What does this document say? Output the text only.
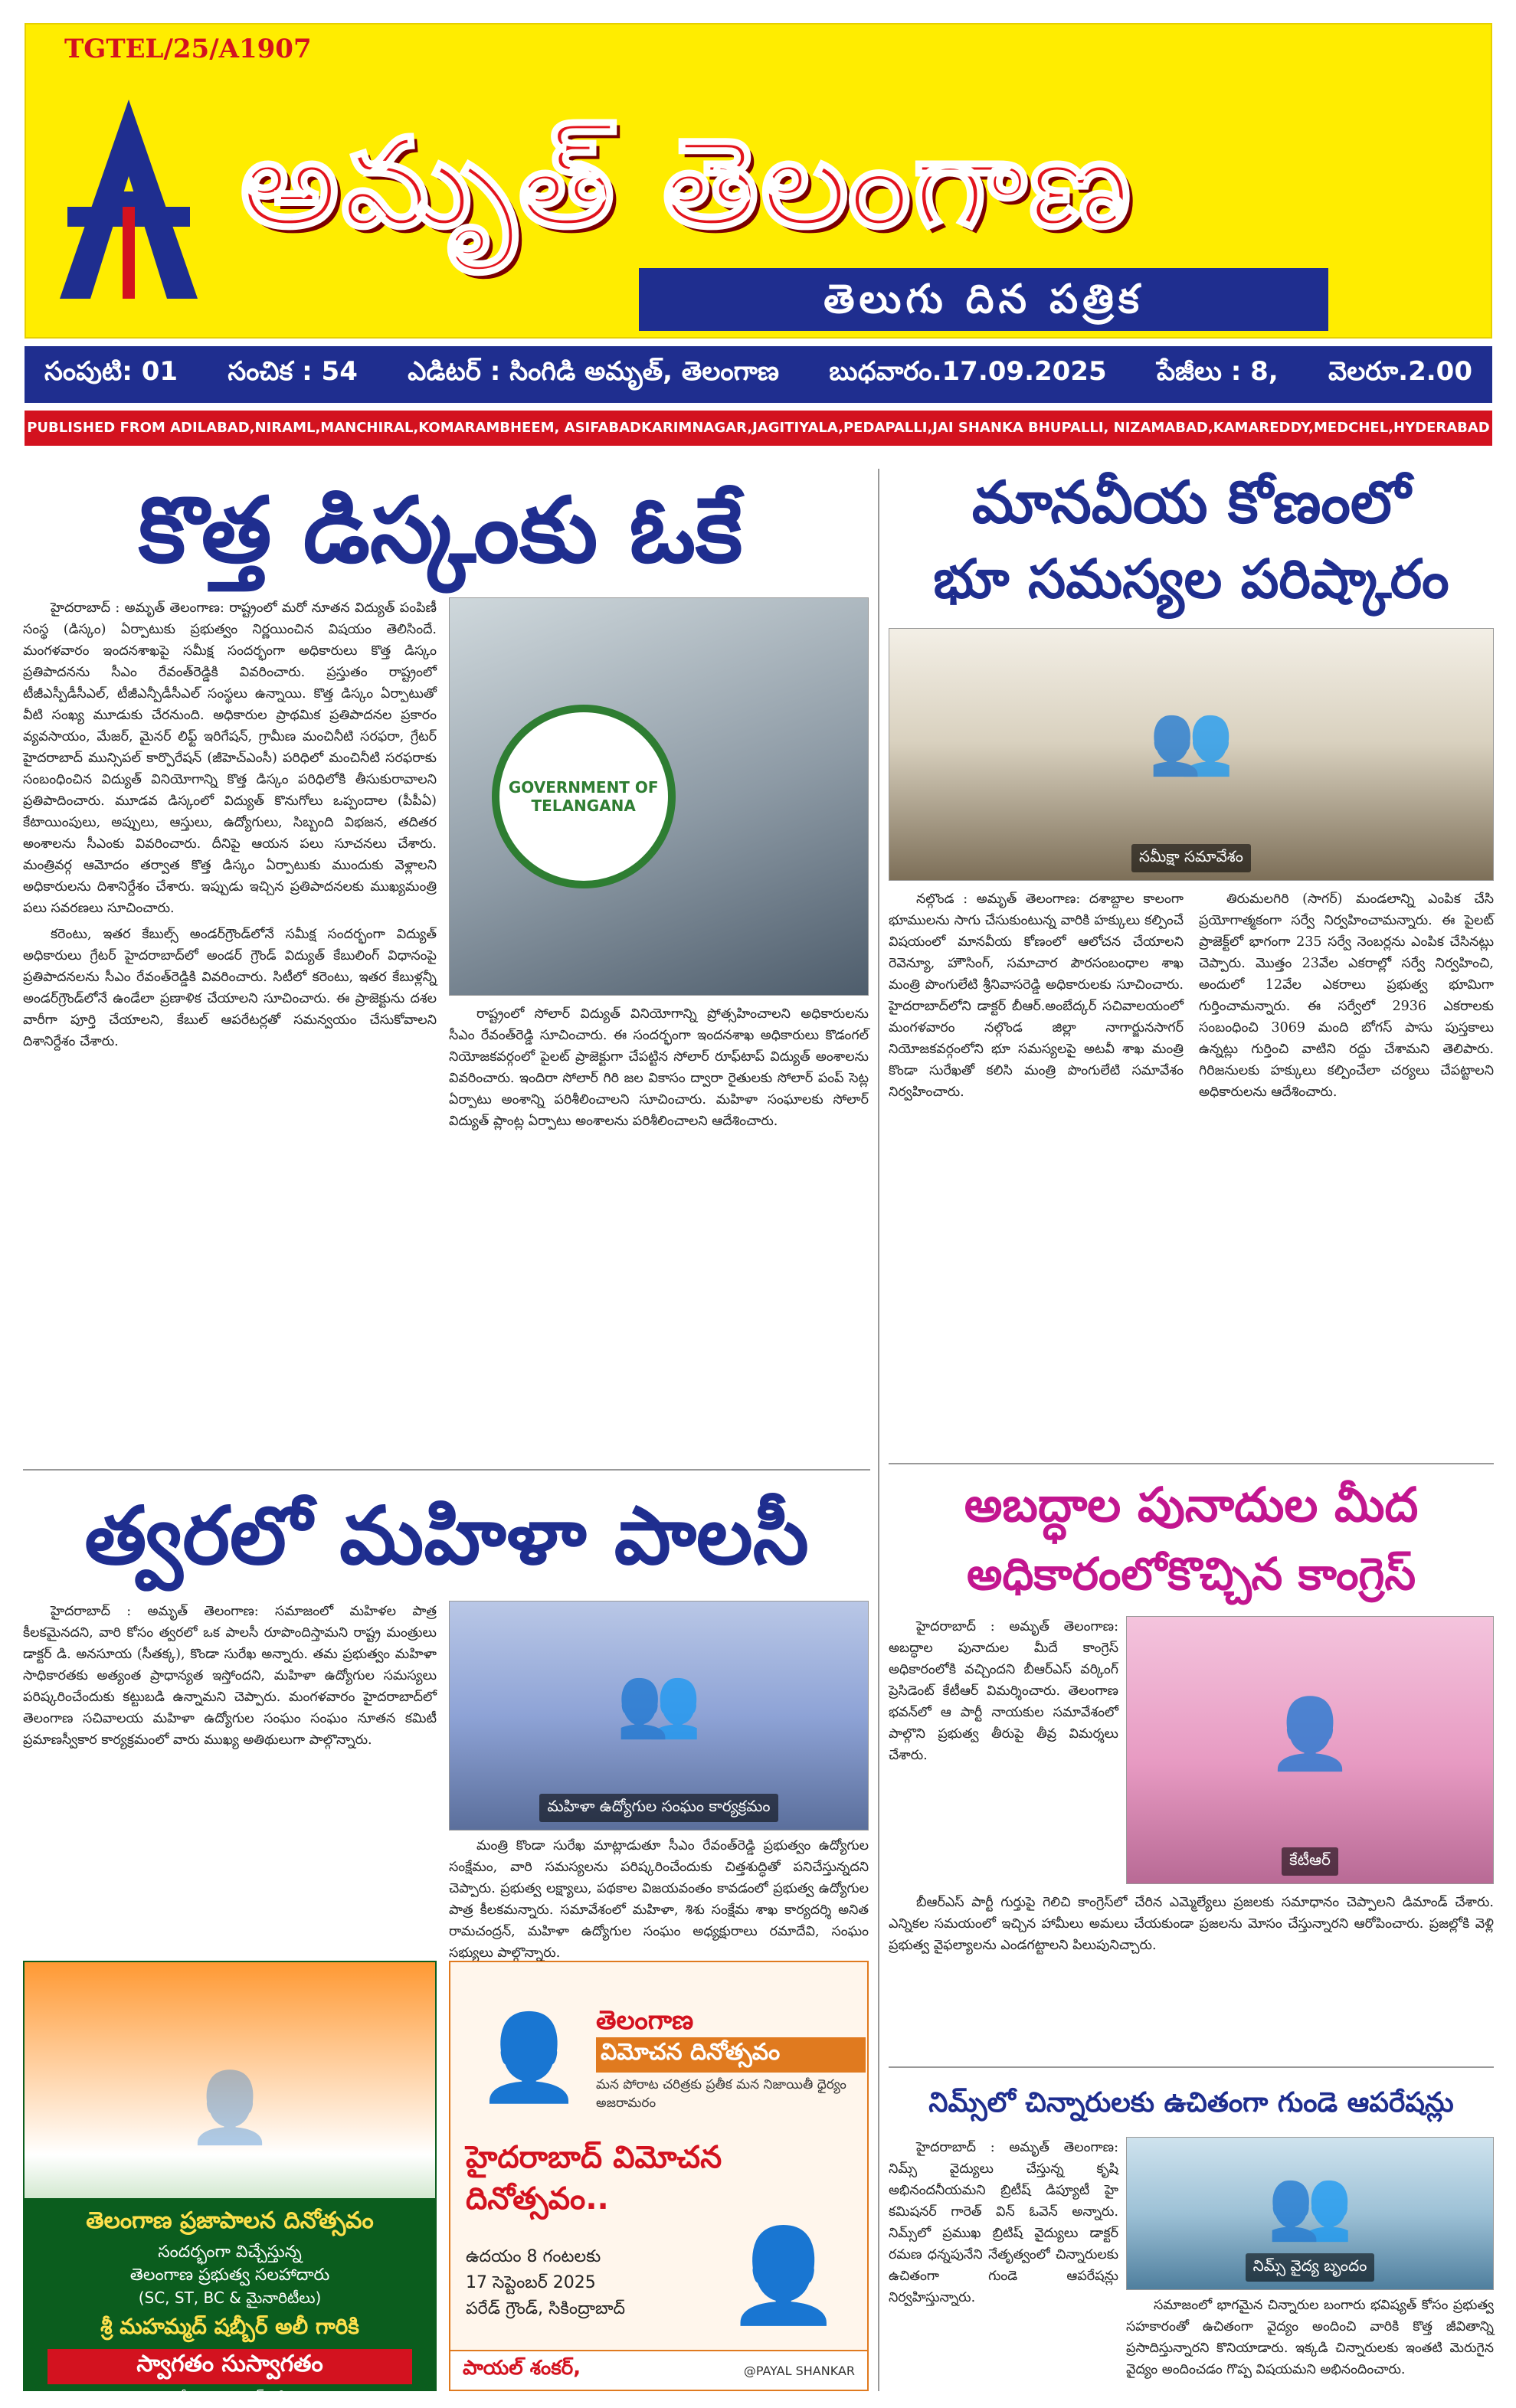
TGTEL/25/A1907
అమృత్ తెలంగాణ
తెలుగు దిన పత్రిక
సంపుటి: 01 సంచిక : 54 ఎడిటర్ : సింగిడి అమృత్, తెలంగాణ బుధవారం.17.09.2025 పేజీలు : 8, వెలరూ.2.00
PUBLISHED FROM ADILABAD,NIRAML,MANCHIRAL,KOMARAMBHEEM, ASIFABADKARIMNAGAR,JAGITIYALA,PEDAPALLI,JAI SHANKA BHUPALLI, NIZAMABAD,KAMAREDDY,MEDCHEL,HYDERABAD
కొత్త డిస్కంకు ఓకే

హైదరాబాద్ : అమృత్ తెలంగాణ: రాష్ట్రంలో మరో నూతన విద్యుత్ పంపిణీ సంస్థ (డిస్కం) ఏర్పాటుకు ప్రభుత్వం నిర్ణయించిన విషయం తెలిసిందే. మంగళవారం ఇందనశాఖపై సమీక్ష సందర్భంగా అధికారులు కొత్త డిస్కం ప్రతిపాదనను సీఎం రేవంత్‌రెడ్డికి వివరించారు. ప్రస్తుతం రాష్ట్రంలో టీజీఎస్పీడీసీఎల్, టీజీఎన్పీడీసీఎల్ సంస్థలు ఉన్నాయి. కొత్త డిస్కం ఏర్పాటుతో వీటి సంఖ్య మూడుకు చేరనుంది. అధికారుల ప్రాథమిక ప్రతిపాదనల ప్రకారం వ్యవసాయం, మేజర్, మైనర్ లిఫ్ట్ ఇరిగేషన్, గ్రామీణ మంచినీటి సరఫరా, గ్రేటర్ హైదరాబాద్ మున్సిపల్ కార్పొరేషన్ (జీహెచ్ఎంసీ) పరిధిలో మంచినీటి సరఫరాకు సంబంధించిన విద్యుత్ వినియోగాన్ని కొత్త డిస్కం పరిధిలోకి తీసుకురావాలని ప్రతిపాదించారు. మూడవ డిస్కంలో విద్యుత్ కొనుగోలు ఒప్పందాల (పీపీఏ) కేటాయింపులు, అప్పులు, ఆస్తులు, ఉద్యోగులు, సిబ్బంది విభజన, తదితర అంశాలను సీఎంకు వివరించారు. దీనిపై ఆయన పలు సూచనలు చేశారు. మంత్రివర్గ ఆమోదం తర్వాత కొత్త డిస్కం ఏర్పాటుకు ముందుకు వెళ్లాలని అధికారులను దిశానిర్దేశం చేశారు. ఇప్పుడు ఇచ్చిన ప్రతిపాదనలకు ముఖ్యమంత్రి పలు సవరణలు సూచించారు.

కరెంటు, ఇతర కేబుల్స్ అండర్‌గ్రౌండ్‌లోనే సమీక్ష సందర్భంగా విద్యుత్ అధికారులు గ్రేటర్ హైదరాబాద్‌లో అండర్ గ్రౌండ్ విద్యుత్ కేబులింగ్ విధానంపై ప్రతిపాదనలను సీఎం రేవంత్‌రెడ్డికి వివరించారు. సిటీలో కరెంటు, ఇతర కేబుళ్లన్నీ అండర్‌గ్రౌండ్‌లోనే ఉండేలా ప్రణాళిక చేయాలని సూచించారు. ఈ ప్రాజెక్టును దశల వారీగా పూర్తి చేయాలని, కేబుల్ ఆపరేటర్లతో సమన్వయం చేసుకోవాలని దిశానిర్దేశం చేశారు.

GOVERNMENT OF TELANGANA

రాష్ట్రంలో సోలార్ విద్యుత్ వినియోగాన్ని ప్రోత్సహించాలని అధికారులను సీఎం రేవంత్‌రెడ్డి సూచించారు. ఈ సందర్భంగా ఇందనశాఖ అధికారులు కొడంగల్ నియోజకవర్గంలో పైలట్ ప్రాజెక్టుగా చేపట్టిన సోలార్ రూఫ్‌టాప్ విద్యుత్ అంశాలను వివరించారు. ఇందిరా సోలార్ గిరి జల వికాసం ద్వారా రైతులకు సోలార్ పంప్ సెట్ల ఏర్పాటు అంశాన్ని పరిశీలించాలని సూచించారు. మహిళా సంఘాలకు సోలార్ విద్యుత్ ప్లాంట్ల ఏర్పాటు అంశాలను పరిశీలించాలని ఆదేశించారు.

మానవీయ కోణంలో
భూ సమస్యల పరిష్కారం
👥
సమీక్షా సమావేశం

నల్గొండ : అమృత్ తెలంగాణ: దశాబ్దాల కాలంగా భూములను సాగు చేసుకుంటున్న వారికి హక్కులు కల్పించే విషయంలో మానవీయ కోణంలో ఆలోచన చేయాలని రెవెన్యూ, హౌసింగ్, సమాచార పౌరసంబంధాల శాఖ మంత్రి పొంగులేటి శ్రీనివాసరెడ్డి అధికారులకు సూచించారు. హైదరాబాద్‌లోని డాక్టర్ బీఆర్.అంబేద్కర్ సచివాలయంలో మంగళవారం నల్గొండ జిల్లా నాగార్జునసాగర్ నియోజకవర్గంలోని భూ సమస్యలపై అటవీ శాఖ మంత్రి కొండా సురేఖతో కలిసి మంత్రి పొంగులేటి సమావేశం నిర్వహించారు.

తిరుమలగిరి (సాగర్) మండలాన్ని ఎంపిక చేసి ప్రయోగాత్మకంగా సర్వే నిర్వహించామన్నారు. ఈ పైలట్ ప్రాజెక్ట్‌లో భాగంగా 235 సర్వే నెంబర్లను ఎంపిక చేసినట్లు చెప్పారు. మొత్తం 23వేల ఎకరాల్లో సర్వే నిర్వహించి, అందులో 12వేల ఎకరాలు ప్రభుత్వ భూమిగా గుర్తించామన్నారు. ఈ సర్వేలో 2936 ఎకరాలకు సంబంధించి 3069 మంది బోగస్ పాసు పుస్తకాలు ఉన్నట్లు గుర్తించి వాటిని రద్దు చేశామని తెలిపారు. గిరిజనులకు హక్కులు కల్పించేలా చర్యలు చేపట్టాలని అధికారులను ఆదేశించారు.

త్వరలో మహిళా పాలసీ

హైదరాబాద్ : అమృత్ తెలంగాణ: సమాజంలో మహిళల పాత్ర కీలకమైనదని, వారి కోసం త్వరలో ఒక పాలసీ రూపొందిస్తామని రాష్ట్ర మంత్రులు డాక్టర్ డి. అనసూయ (సీతక్క), కొండా సురేఖ అన్నారు. తమ ప్రభుత్వం మహిళా సాధికారతకు అత్యంత ప్రాధాన్యత ఇస్తోందని, మహిళా ఉద్యోగుల సమస్యలు పరిష్కరించేందుకు కట్టుబడి ఉన్నామని చెప్పారు. మంగళవారం హైదరాబాద్‌లో తెలంగాణ సచివాలయ మహిళా ఉద్యోగుల సంఘం సంఘం నూతన కమిటీ ప్రమాణస్వీకార కార్యక్రమంలో వారు ముఖ్య అతిథులుగా పాల్గొన్నారు.	👥
మహిళా ఉద్యోగుల సంఘం కార్యక్రమం

మంత్రి కొండా సురేఖ మాట్లాడుతూ సీఎం రేవంత్‌రెడ్డి ప్రభుత్వం ఉద్యోగుల సంక్షేమం, వారి సమస్యలను పరిష్కరించేందుకు చిత్తశుద్ధితో పనిచేస్తున్నదని చెప్పారు. ప్రభుత్వ లక్ష్యాలు, పథకాల విజయవంతం కావడంలో ప్రభుత్వ ఉద్యోగుల పాత్ర కీలకమన్నారు. సమావేశంలో మహిళా, శిశు సంక్షేమ శాఖ కార్యదర్శి అనిత రామచంద్రన్, మహిళా ఉద్యోగుల సంఘం అధ్యక్షురాలు రమాదేవి, సంఘం సభ్యులు పాల్గొన్నారు.

అబద్ధాల పునాదుల మీద
అధికారంలోకొచ్చిన కాంగ్రెస్

హైదరాబాద్ : అమృత్ తెలంగాణ: అబద్ధాల పునాదుల మీదే కాంగ్రెస్ అధికారంలోకి వచ్చిందని బీఆర్ఎస్ వర్కింగ్ ప్రెసిడెంట్ కేటీఆర్ విమర్శించారు. తెలంగాణ భవన్‌లో ఆ పార్టీ నాయకుల సమావేశంలో పాల్గొని ప్రభుత్వ తీరుపై తీవ్ర విమర్శలు చేశారు.	👤
కేటీఆర్

బీఆర్ఎస్ పార్టీ గుర్తుపై గెలిచి కాంగ్రెస్‌లో చేరిన ఎమ్మెల్యేలు ప్రజలకు సమాధానం చెప్పాలని డిమాండ్ చేశారు. ఎన్నికల సమయంలో ఇచ్చిన హామీలు అమలు చేయకుండా ప్రజలను మోసం చేస్తున్నారని ఆరోపించారు. ప్రజల్లోకి వెళ్లి ప్రభుత్వ వైఫల్యాలను ఎండగట్టాలని పిలుపునిచ్చారు.

నిమ్స్‌లో చిన్నారులకు ఉచితంగా గుండె ఆపరేషన్లు

హైదరాబాద్ : అమృత్ తెలంగాణ: నిమ్స్ వైద్యులు చేస్తున్న కృషి అభినందనీయమని బ్రిటీష్ డిప్యూటీ హై కమిషనర్ గారెత్ విన్ ఓవెన్ అన్నారు. నిమ్స్‌లో ప్రముఖ బ్రిటిష్ వైద్యులు డాక్టర్ రమణ ధన్నపునేని నేతృత్వంలో చిన్నారులకు ఉచితంగా గుండె ఆపరేషన్లు నిర్వహిస్తున్నారు.

👥
నిమ్స్ వైద్య బృందం

సమాజంలో భాగమైన చిన్నారుల బంగారు భవిష్యత్ కోసం ప్రభుత్వ సహకారంతో ఉచితంగా వైద్యం అందించి వారికి కొత్త జీవితాన్ని ప్రసాదిస్తున్నారని కొనియాడారు. ఇక్కడి చిన్నారులకు ఇంతటి మెరుగైన వైద్యం అందించడం గొప్ప విషయమని అభినందించారు.

👤
తెలంగాణ ప్రజాపాలన దినోత్సవం
సందర్భంగా విచ్చేస్తున్న
తెలంగాణ ప్రభుత్వ సలహాదారు
(SC, ST, BC & మైనారిటీలు)
శ్రీ మహమ్మద్ షబ్బీర్ అలీ గారికి
స్వాగతం సుస్వాగతం
దోరంపల్లి ప్రశాంత్ రెడ్డి
తెలంగాణ
విమోచన దినోత్సవం
మన పోరాట చరిత్రకు ప్రతీక మన నిజాయితీ ధైర్యం అజరామరం
👤
హైదరాబాద్ విమోచన
దినోత్సవం..
ఉదయం 8 గంటలకు
17 సెప్టెంబర్ 2025
పరేడ్ గ్రౌండ్, సికింద్రాబాద్ 👤
పాయల్ శంకర్,	@PAYAL SHANKAR
